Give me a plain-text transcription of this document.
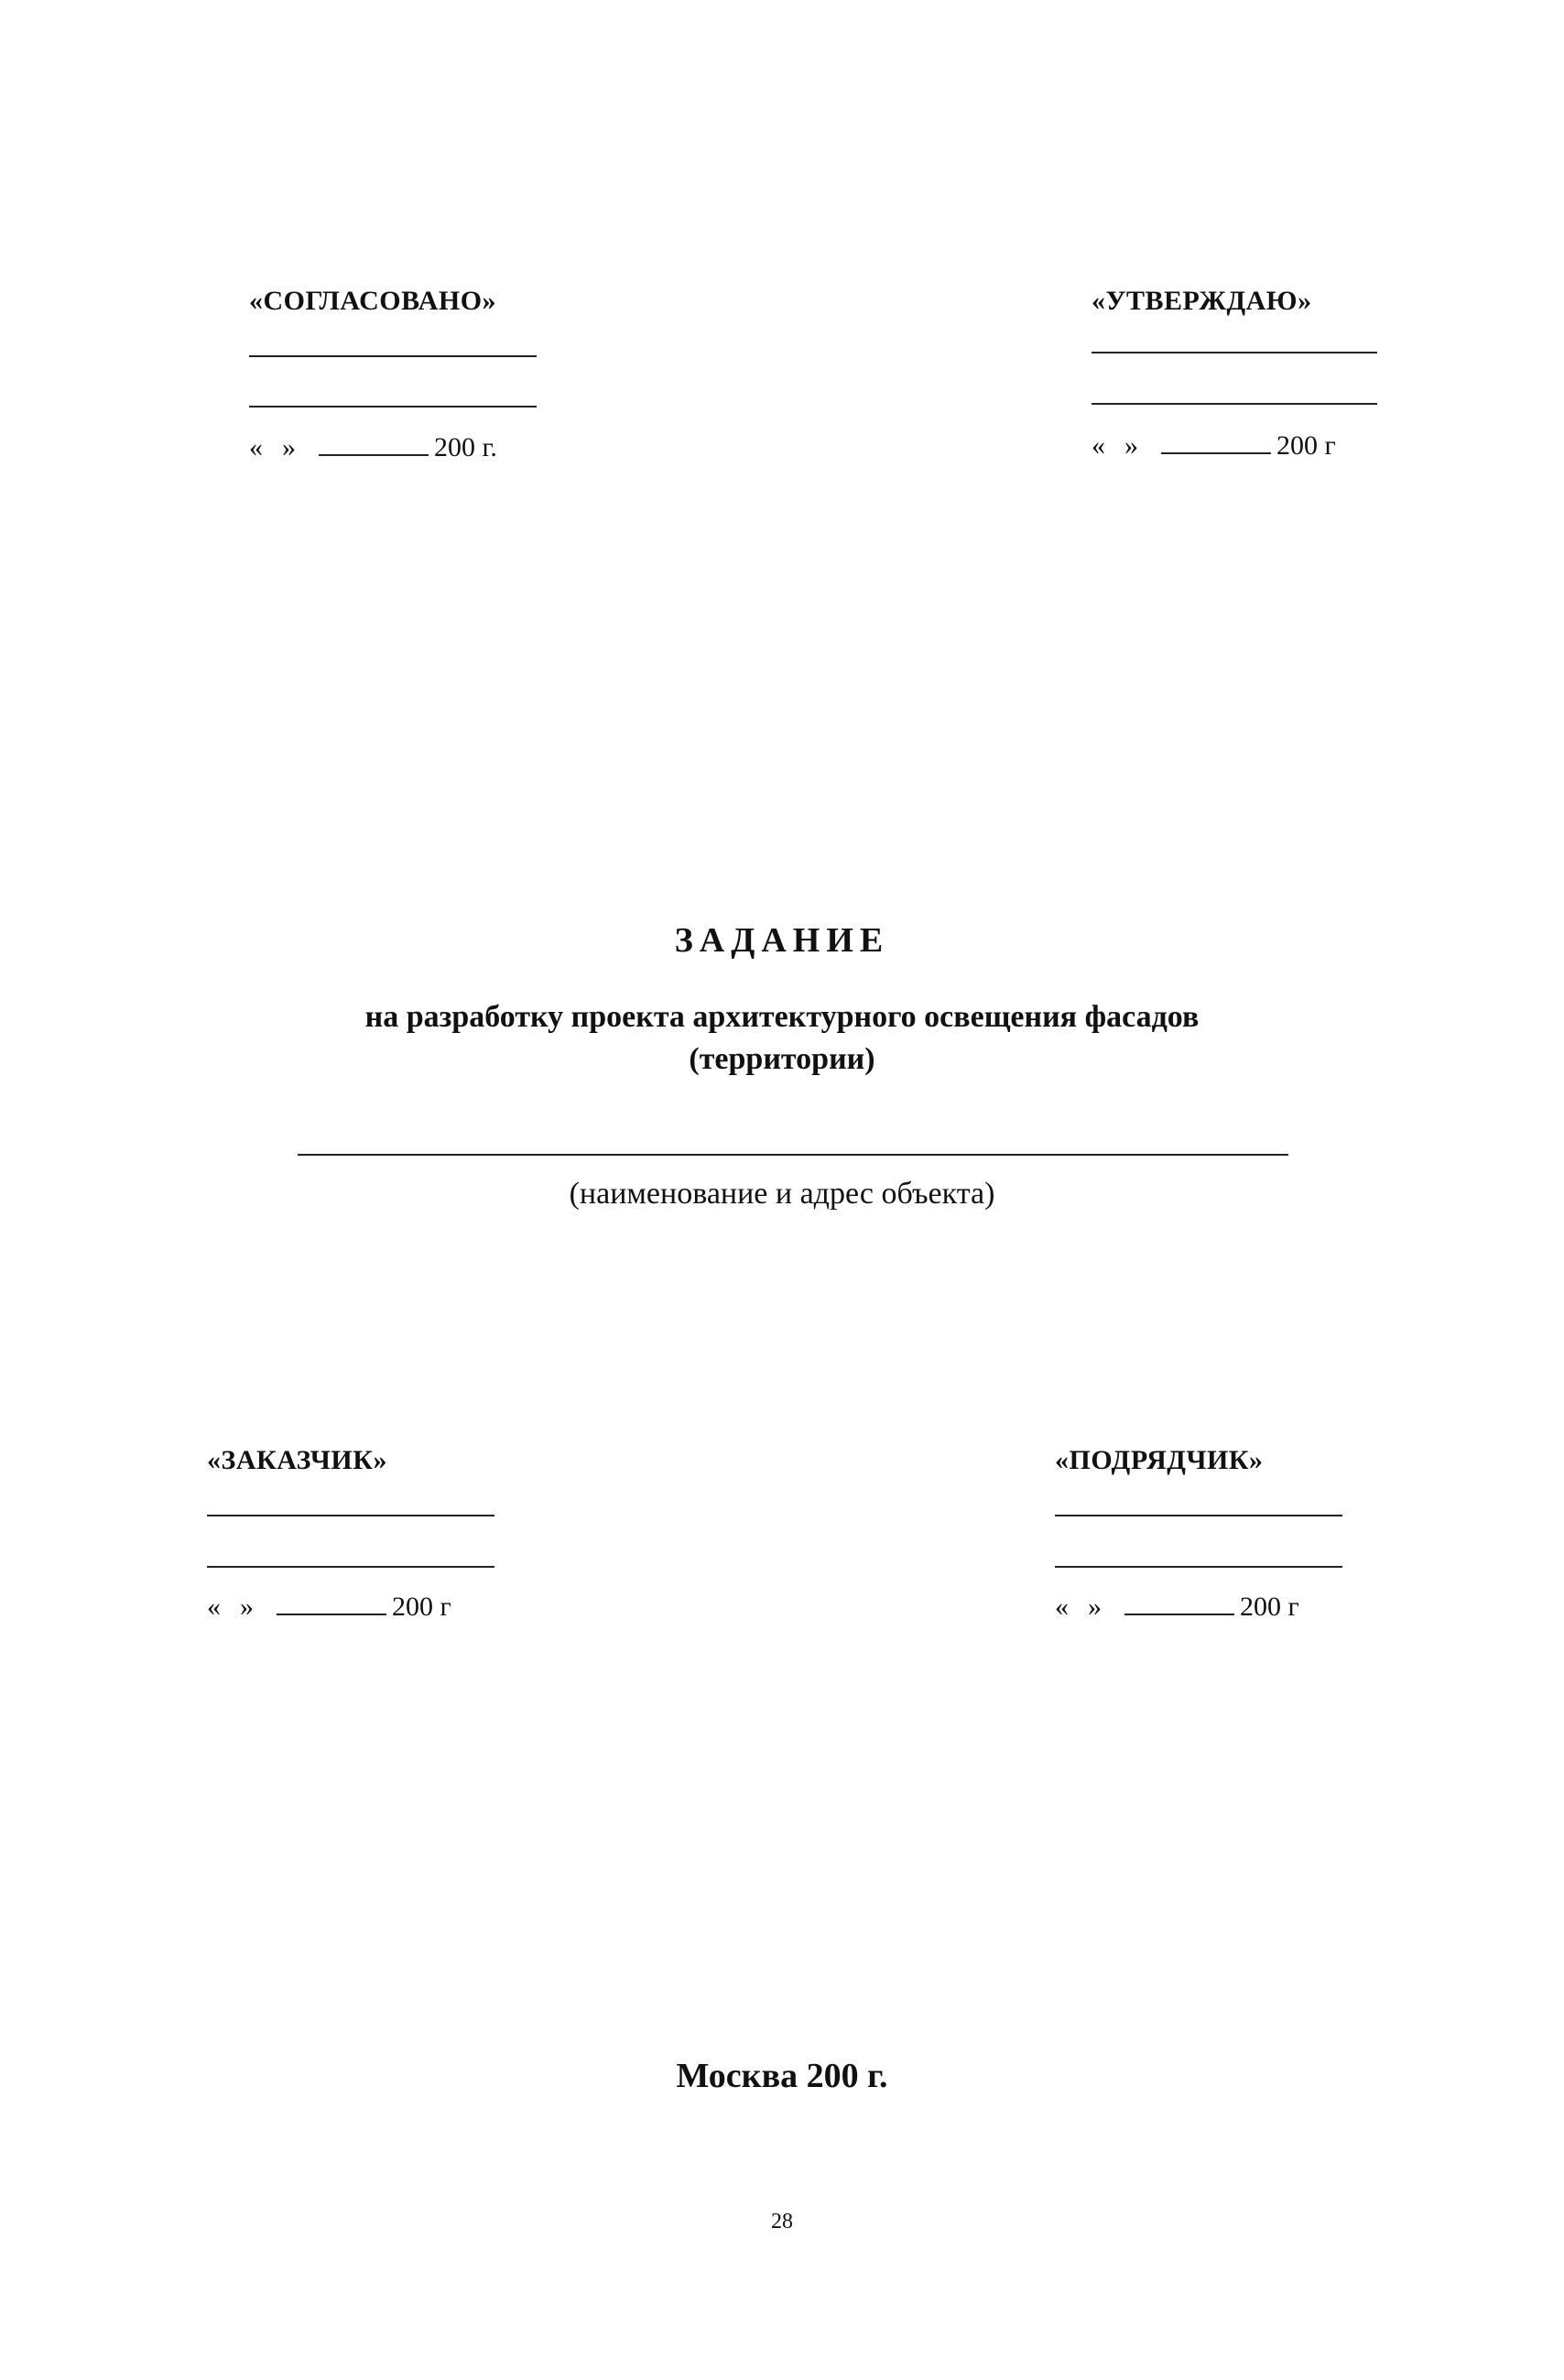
«СОГЛАСОВАНО»
« »	200 г.
«УТВЕРЖДАЮ»
« »	200 г
ЗАДАНИЕ
на разработку проекта архитектурного освещения фасадов
(территории)
(наименование и адрес объекта)
«ЗАКАЗЧИК»
« »	200 г
«ПОДРЯДЧИК»
« »	200 г
Москва 200 г.
28
